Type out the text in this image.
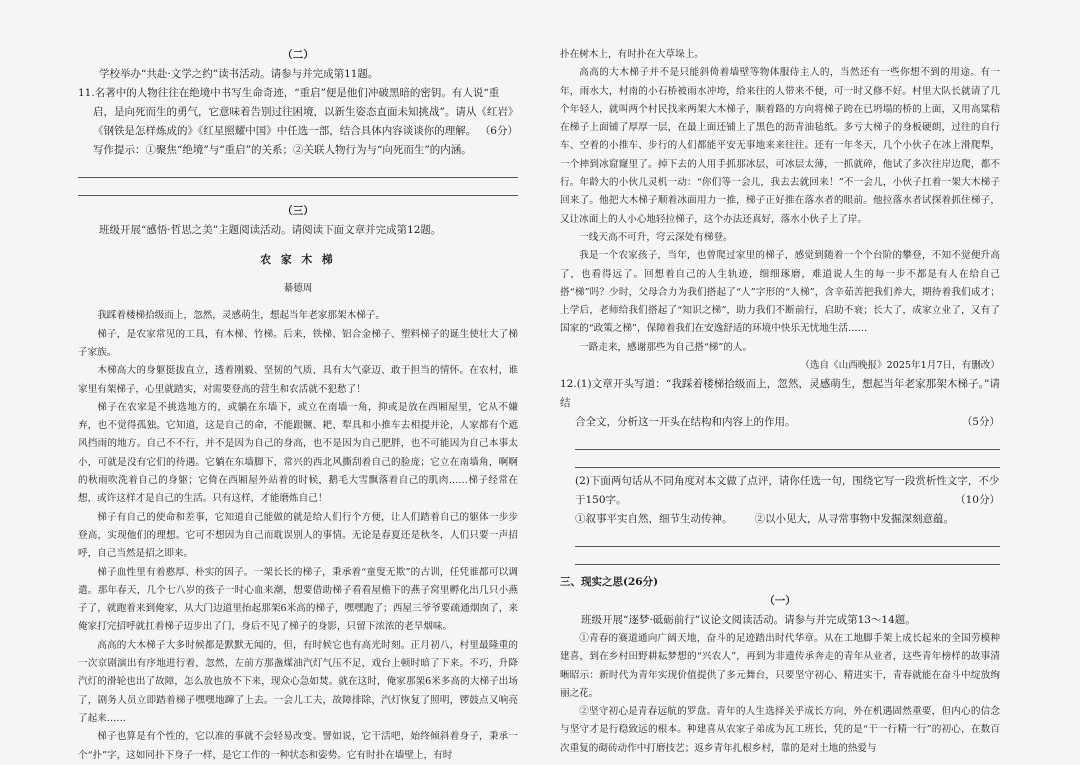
（二）

学校举办“共赴·文学之约”读书活动。请参与并完成第11题。

11.名著中的人物往往在绝境中书写生命奇迹，“重启”便是他们冲破黑暗的密钥。有人说“重

启，是向死而生的勇气，它意味着告别过往困境，以新生姿态直面未知挑战”。请从《红岩》

《钢铁是怎样炼成的》《红星照耀中国》中任选一部，结合具体内容谈谈你的理解。 （6分）

写作提示：①聚焦“绝境”与“重启”的关系；②关联人物行为与“向死而生”的内涵。

（三）

班级开展“感悟·哲思之美”主题阅读活动。请阅读下面文章并完成第12题。

农 家 木 梯

綦德周

我踩着楼梯拾级而上，忽然，灵感萌生，想起当年老家那架木梯子。

梯子，是农家常见的工具，有木梯、竹梯。后来，铁梯、铝合金梯子、塑料梯子的诞生使壮大了梯子家族。

木梯高大的身躯挺拔直立，透着刚毅、坚韧的气质，具有大气豪迈、敢于担当的情怀。在农村，谁家里有架梯子，心里就踏实，对需要登高的营生和农活就不犯愁了！

梯子在农家是不挑选地方的，或躺在东墙下，或立在南墙一角，抑或是放在西厢屋里，它从不嫌弃，也不觉得孤独。它知道，这是自己的命，不能跟镢、耙、犁具和小推车去相提并论，人家都有个遮风挡雨的地方。自己不不行，并不是因为自己的身高，也不是因为自己肥胖，也不可能因为自己本事太小，可就是没有它们的待遇。它躺在东墙脚下，常兴的西北风撕刮着自己的脸庞；它立在南墙角，啊啊的秋雨吹洗着自己的身躯；它倚在西厢屋外站着的时候，鹅毛大雪飘落着自己的肌肉……梯子经常在想，或许这样才是自己的生活。只有这样，才能磨炼自己！

梯子有自己的使命和差事，它知道自己能做的就是给人们行个方便，让人们踏着自己的躯体一步步登高，实现他们的理想。它可不想因为自己而耽误别人的事情。无论是春夏还是秋冬，人们只要一声招呼，自己当然是招之即来。

梯子血性里有着憨厚、朴实的因子。一架长长的梯子，秉承着“童叟无欺”的古训，任凭谁都可以调遣。那年春天，几个七八岁的孩子一时心血来潮，想要借助梯子看看屋檐下的燕子窝里孵化出几只小燕子了，就跑着来到俺家，从大门边道里抬起那架6米高的梯子，嘿嘿跑了；西屋三爷爷要疏通烟囱了，来俺家打完招呼就扛着梯子迈步出了门，身后不见了梯子的身影，只留下浓浓的老旱烟味。

高高的大木梯子大多时候都是默默无闻的，但，有时候它也有高光时刻。正月初八，村里最隆重的一次京剧演出有序地进行着，忽然，左前方那盏煤油汽灯气压不足，戏台上顿时暗了下来。不巧，升降汽灯的滑轮也出了故障，怎么放也放不下来，现众心急如焚。就在这时，俺家那架6米多高的大梯子出场了，剧务人员立即踏着梯子嘿嘿地蹿了上去。一会儿工夫，故障排除，汽灯恢复了照明，锣鼓点又响亮了起来……

梯子也算是有个性的，它以准的事就不会轻易改变。譬如说，它干活吧，始终倾斜着身子，秉承一个“扑”字，这如同扑下身子一样，是它工作的一种状态和姿势。它有时扑在墙壁上，有时

扑在树木上，有时扑在大草垛上。

高高的大木梯子并不是只能斜倚着墙壁等物体服侍主人的，当然还有一些你想不到的用途。有一年，雨水大，村南的小石桥被雨水冲垮，给来往的人带来不便，可一时又修不好。村里大队长就请了几个年轻人，就叫两个村民找来两架大木梯子，顺着路的方向将梯子跨在已坍塌的桥的上面，又用高粱秸在梯子上面铺了厚厚一层，在最上面还铺上了黑色的沥青油毡纸。多亏大梯子的身板硬朗，过往的自行车、空着的小推车、步行的人们都能平安无事地来来往往。还有一年冬天，几个小伙子在冰上滑爬犁，一个摔到冰窟窿里了。掉下去的人用手抓那冰层，可冰层太薄，一抓就碎，他试了多次往岸边爬，都不行。年龄大的小伙儿灵机一动：“你们等一会儿，我去去就回来！”不一会儿，小伙子扛着一架大木梯子回来了。他把大木梯子顺着冰面用力一推，梯子正好推在落水者的眼前。他拉落水者试探着抓住梯子，又让冰面上的人小心地轻拉梯子，这个办法还真好，落水小伙子上了岸。

一线天高不可升，穹云深处有梯登。

我是一个农家孩子，当年，也曾爬过家里的梯子，感觉到随着一个个台阶的攀登，不知不觉便升高了，也看得远了。回想着自己的人生轨迹，细细琢磨，难道说人生的每一步不都是有人在给自己搭“梯”吗？少时，父母合力为我们搭起了“人”字形的“人梯”，含辛茹苦把我们养大，期待着我们成才；上学后，老师给我们搭起了“知识之梯”，助力我们不断前行，启助不衰；长大了，成家立业了，又有了国家的“政策之梯”，保障着我们在安逸舒适的环境中快乐无忧地生活……

一路走来，感谢那些为自己搭“梯”的人。

（选自《山西晚报》2025年1月7日，有删改）

12.(1)文章开头写道：“我踩着楼梯拾级而上，忽然，灵感萌生，想起当年老家那架木梯子。”请结

合全文，分析这一开头在结构和内容上的作用。	（5分）

(2)下面两句话从不同角度对本文做了点评，请你任选一句，围绕它写一段赏析性文字，不少

于150字。	（10分）
①叙事平实自然，细节生动传神。 ②以小见大，从寻常事物中发掘深刻意蕴。

三、现实之思(26分)

（一）

班级开展“逐梦·砥砺前行”议论文阅读活动。请参与并完成第13～14题。

①青春的赛道通向广阔天地，奋斗的足迹踏出时代华章。从在工地脚手架上成长起来的全国劳模种建喜，到在乡村田野耕耘梦想的“兴农人”，再到为非遗传承奔走的青年从业者，这些青年榜样的故事清晰昭示：新时代为青年实现价值提供了多元舞台，只要坚守初心、精进实干，青春就能在奋斗中绽放绚丽之花。

②坚守初心是青春远航的罗盘。青年的人生选择关乎成长方向，外在机遇固然重要，但内心的信念与坚守才是行稳致远的根本。种建喜从农家子弟成为瓦工班长，凭的是“干一行精一行”的初心，在数百次重复的砌砖动作中打磨技艺；返乡青年扎根乡村，靠的是对土地的热爱与
